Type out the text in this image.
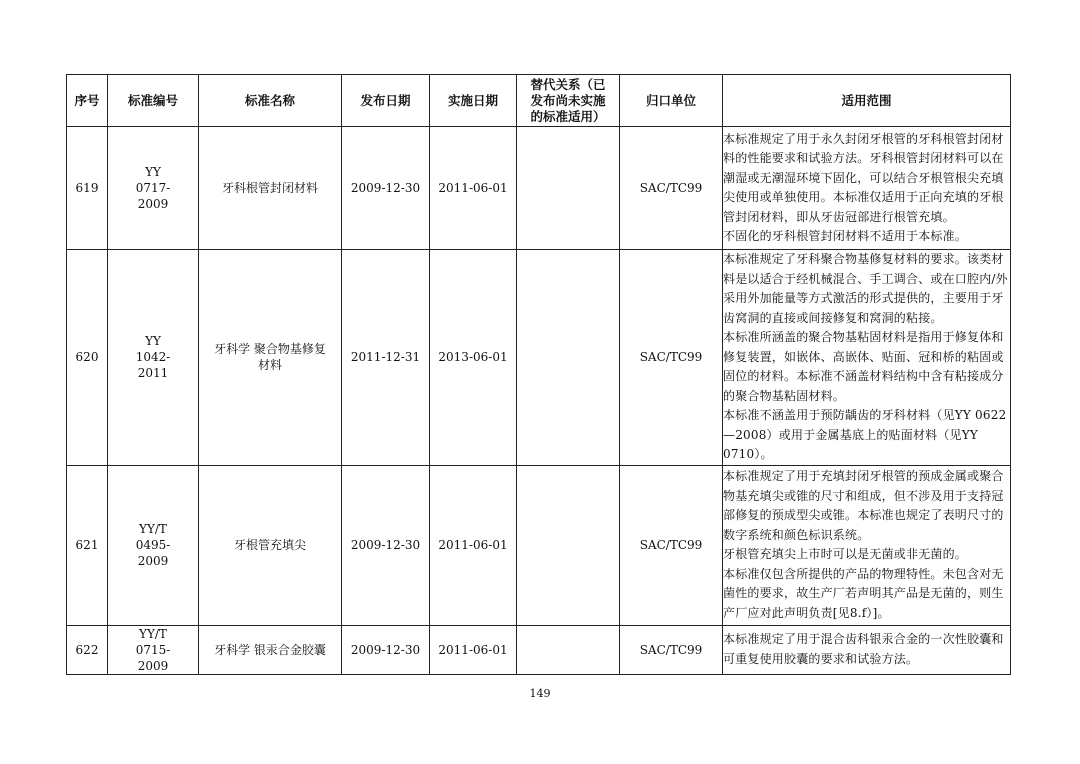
序号	标准编号	标准名称	发布日期	实施日期	替代关系（已发布尚未实施的标准适用）	归口单位	适用范围
619	YY 0717-2009	牙科根管封闭材料	2009-12-30	2011-06-01		SAC/TC99	本标准规定了用于永久封闭牙根管的牙科根管封闭材料的性能要求和试验方法。牙科根管封闭材料可以在潮湿或无潮湿环境下固化，可以结合牙根管根尖充填尖使用或单独使用。本标准仅适用于正向充填的牙根管封闭材料，即从牙齿冠部进行根管充填。

不固化的牙科根管封闭材料不适用于本标准。

620	YY 1042-2011	牙科学 聚合物基修复材料	2011-12-31	2013-06-01		SAC/TC99	本标准规定了牙科聚合物基修复材料的要求。该类材料是以适合于经机械混合、手工调合、或在口腔内/外采用外加能量等方式激活的形式提供的，主要用于牙齿窝洞的直接或间接修复和窝洞的粘接。

本标准所涵盖的聚合物基粘固材料是指用于修复体和修复装置，如嵌体、高嵌体、贴面、冠和桥的粘固或固位的材料。本标准不涵盖材料结构中含有粘接成分的聚合物基粘固材料。

本标准不涵盖用于预防龋齿的牙科材料（见YY 0622—2008）或用于金属基底上的贴面材料（见YY 0710）。

621	YY/T 0495-2009	牙根管充填尖	2009-12-30	2011-06-01		SAC/TC99	本标准规定了用于充填封闭牙根管的预成金属或聚合物基充填尖或锥的尺寸和组成，但不涉及用于支持冠部修复的预成型尖或锥。本标准也规定了表明尺寸的数字系统和颜色标识系统。

牙根管充填尖上市时可以是无菌或非无菌的。

本标准仅包含所提供的产品的物理特性。未包含对无菌性的要求，故生产厂若声明其产品是无菌的，则生产厂应对此声明负责[见8.f）]。

622	YY/T 0715-2009	牙科学 银汞合金胶囊	2009-12-30	2011-06-01		SAC/TC99	本标准规定了用于混合齿科银汞合金的一次性胶囊和可重复使用胶囊的要求和试验方法。

149
